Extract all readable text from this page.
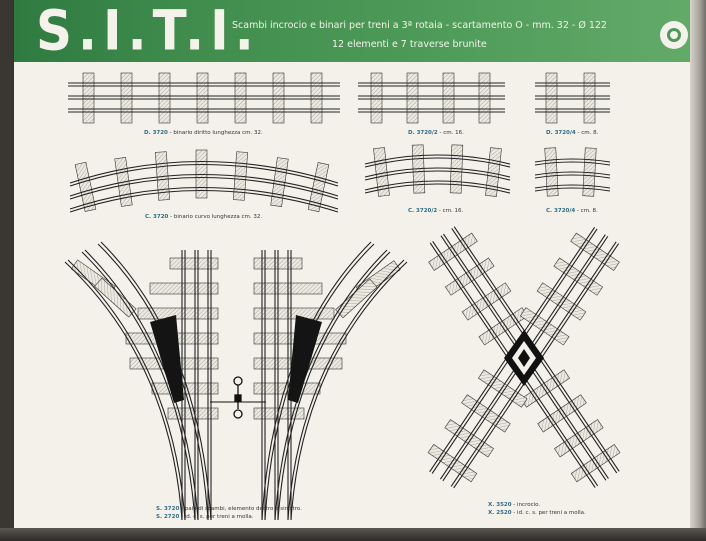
S.I.T.I.
Scambi incrocio e binari per treni a 3ª rotaia - scartamento O - mm. 32 - Ø 122
12 elementi e 7 traverse brunite
D. 3720 - binario diritto lunghezza cm. 32.	D. 3720/2 - cm. 16.	D. 3720/4 - cm. 8.
C. 3720 - binario curvo lunghezza cm. 32.
C. 3720/2 - cm. 16.	C. 3720/4 - cm. 8.
S. 3720 - paio di scambi, elemento destro e sinistro.
S. 2720 - id. c. s. per treni a molla.
X. 3520 - incrocio.
X. 2520 - id. c. s. per treni a molla.
